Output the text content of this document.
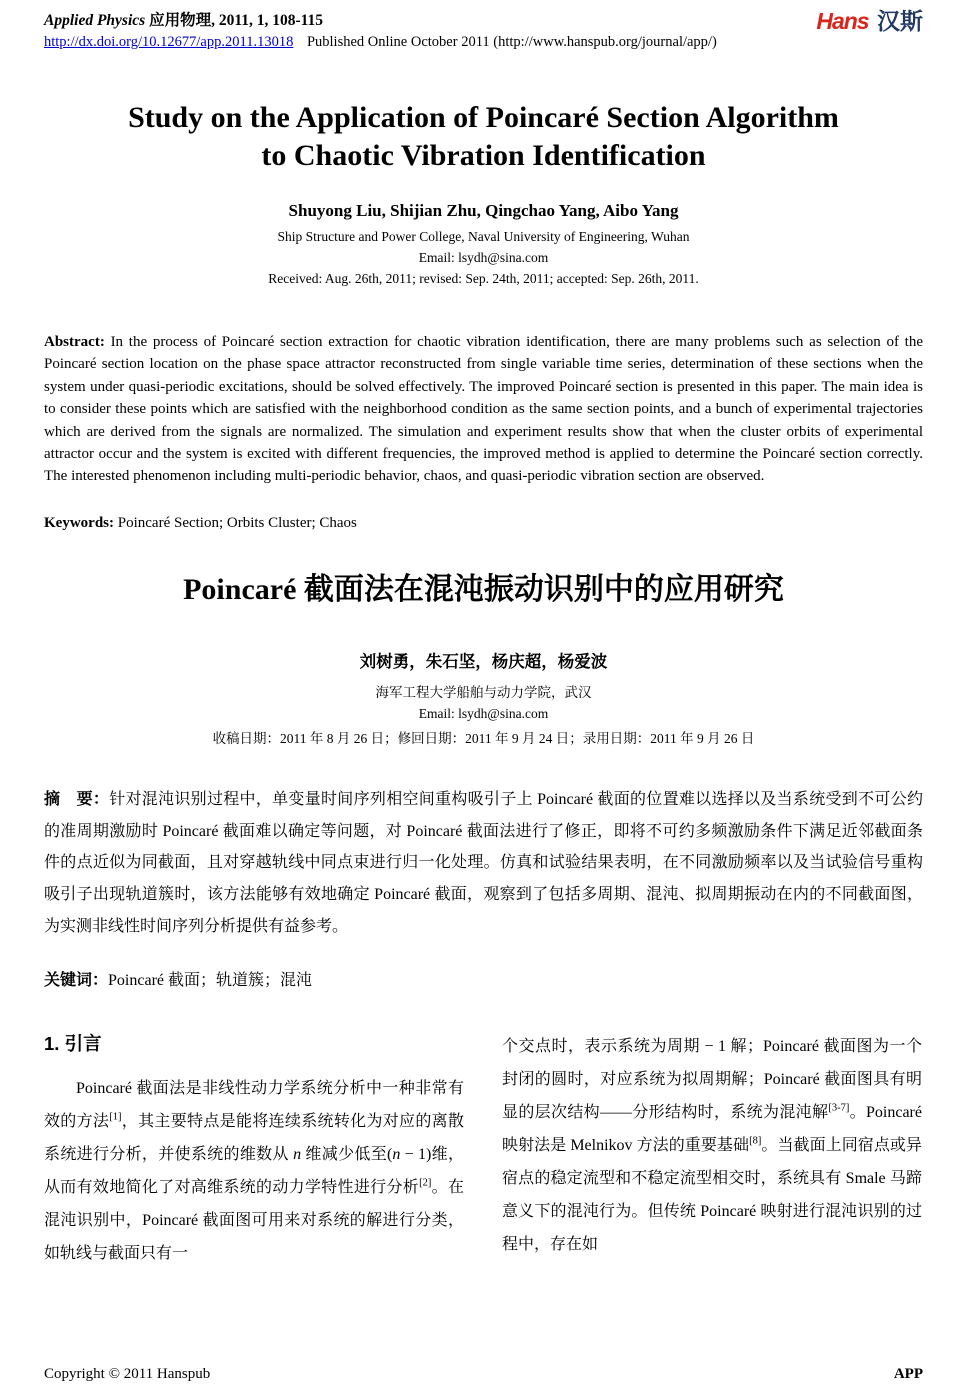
Applied Physics 应用物理, 2011, 1, 108-115
http://dx.doi.org/10.12677/app.2011.13018 Published Online October 2011 (http://www.hanspub.org/journal/app/)
Hans 汉斯
Study on the Application of Poincaré Section Algorithm
to Chaotic Vibration Identification
Shuyong Liu, Shijian Zhu, Qingchao Yang, Aibo Yang
Ship Structure and Power College, Naval University of Engineering, Wuhan
Email: lsydh@sina.com
Received: Aug. 26th, 2011; revised: Sep. 24th, 2011; accepted: Sep. 26th, 2011.
Abstract: In the process of Poincaré section extraction for chaotic vibration identification, there are many problems such as selection of the Poincaré section location on the phase space attractor reconstructed from single variable time series, determination of these sections when the system under quasi-periodic excitations, should be solved effectively. The improved Poincaré section is presented in this paper. The main idea is to consider these points which are satisfied with the neighborhood condition as the same section points, and a bunch of experimental trajectories which are derived from the signals are normalized. The simulation and experiment results show that when the cluster orbits of experimental attractor occur and the system is excited with different frequencies, the improved method is applied to determine the Poincaré section correctly. The interested phenomenon including multi-periodic behavior, chaos, and quasi-periodic vibration section are observed.
Keywords: Poincaré Section; Orbits Cluster; Chaos
Poincaré 截面法在混沌振动识别中的应用研究
刘树勇，朱石坚，杨庆超，杨爱波
海军工程大学船舶与动力学院，武汉
Email: lsydh@sina.com
收稿日期：2011 年 8 月 26 日；修回日期：2011 年 9 月 24 日；录用日期：2011 年 9 月 26 日
摘　要：针对混沌识别过程中，单变量时间序列相空间重构吸引子上 Poincaré 截面的位置难以选择以及当系统受到不可公约的准周期激励时 Poincaré 截面难以确定等问题，对 Poincaré 截面法进行了修正，即将不可约多频激励条件下满足近邻截面条件的点近似为同截面，且对穿越轨线中同点束进行归一化处理。仿真和试验结果表明，在不同激励频率以及当试验信号重构吸引子出现轨道簇时，该方法能够有效地确定 Poincaré 截面，观察到了包括多周期、混沌、拟周期振动在内的不同截面图，为实测非线性时间序列分析提供有益参考。
关键词：Poincaré 截面；轨道簇；混沌
1. 引言
Poincaré 截面法是非线性动力学系统分析中一种非常有效的方法[1]，其主要特点是能将连续系统转化为对应的离散系统进行分析，并使系统的维数从 n 维减少低至(n − 1)维，从而有效地简化了对高维系统的动力学特性进行分析[2]。在混沌识别中，Poincaré 截面图可用来对系统的解进行分类，如轨线与截面只有一
个交点时，表示系统为周期 − 1 解；Poincaré 截面图为一个封闭的圆时，对应系统为拟周期解；Poincaré 截面图具有明显的层次结构——分形结构时，系统为混沌解[3-7]。Poincaré 映射法是 Melnikov 方法的重要基础[8]。当截面上同宿点或异宿点的稳定流型和不稳定流型相交时，系统具有 Smale 马蹄意义下的混沌行为。但传统 Poincaré 映射进行混沌识别的过程中，存在如
Copyright © 2011 Hanspub	APP
